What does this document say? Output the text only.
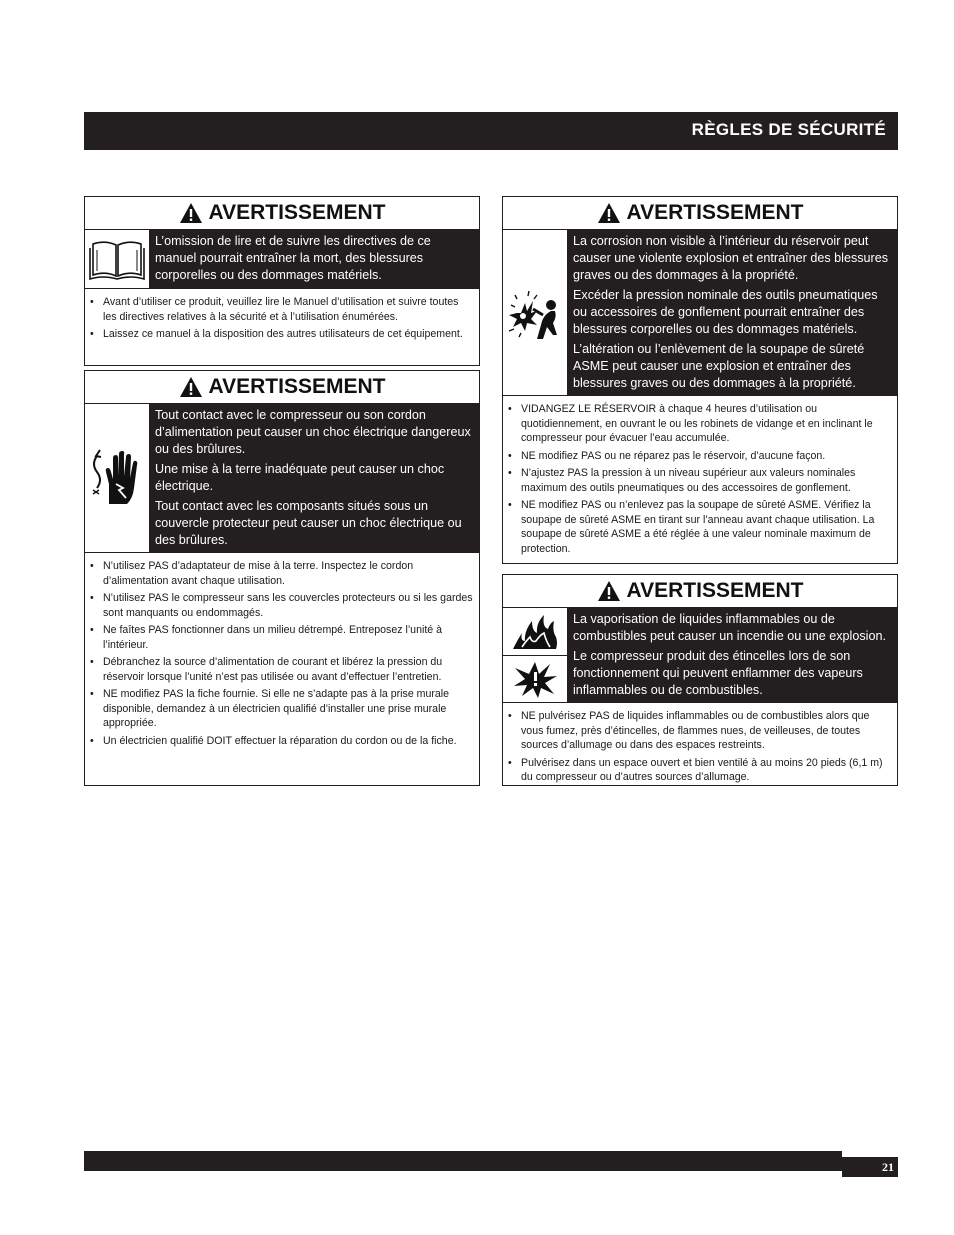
RÈGLES DE SÉCURITÉ
AVERTISSEMENT

L’omission de lire et de suivre les directives de ce manuel pourrait entraîner la mort, des blessures corporelles ou des dommages matériels.

• Avant d’utiliser ce produit, veuillez lire le Manuel d’utilisation et suivre toutes les directives relatives à la sécurité et à l’utilisation énumérées.
• Laissez ce manuel à la disposition des autres utilisateurs de cet équipement.
AVERTISSEMENT

Tout contact avec le compresseur ou son cordon d’alimentation peut causer un choc électrique dangereux ou des brûlures.

Une mise à la terre inadéquate peut causer un choc électrique.

Tout contact avec les composants situés sous un couvercle protecteur peut causer un choc électrique ou des brûlures.

• N’utilisez PAS d’adaptateur de mise à la terre. Inspectez le cordon d’alimentation avant chaque utilisation.
• N’utilisez PAS le compresseur sans les couvercles protecteurs ou si les gardes sont manquants ou endommagés.
• Ne faîtes PAS fonctionner dans un milieu détrempé. Entreposez l’unité à l’intérieur.
• Débranchez la source d’alimentation de courant et libérez la pression du réservoir lorsque l’unité n’est pas utilisée ou avant d’effectuer l’entretien.
• NE modifiez PAS la fiche fournie. Si elle ne s’adapte pas à la prise murale disponible, demandez à un électricien qualifié d’installer une prise murale appropriée.
• Un électricien qualifié DOIT effectuer la réparation du cordon ou de la fiche.
AVERTISSEMENT

La corrosion non visible à l’intérieur du réservoir peut causer une violente explosion et entraîner des blessures graves ou des dommages à la propriété.

Excéder la pression nominale des outils pneumatiques ou accessoires de gonflement pourrait entraîner des blessures corporelles ou des dommages matériels.

L’altération ou l’enlèvement de la soupape de sûreté ASME peut causer une explosion et entraîner des blessures graves ou des dommages à la propriété.

• VIDANGEZ LE RÉSERVOIR à chaque 4 heures d’utilisation ou quotidiennement, en ouvrant le ou les robinets de vidange et en inclinant le compresseur pour évacuer l’eau accumulée.
• NE modifiez PAS ou ne réparez pas le réservoir, d’aucune façon.
• N’ajustez PAS la pression à un niveau supérieur aux valeurs nominales maximum des outils pneumatiques ou des accessoires de gonflement.
• NE modifiez PAS ou n’enlevez pas la soupape de sûreté ASME. Vérifiez la soupape de sûreté ASME en tirant sur l’anneau avant chaque utilisation. La soupape de sûreté ASME a été réglée à une valeur nominale maximum de protection.
AVERTISSEMENT

La vaporisation de liquides inflammables ou de combustibles peut causer un incendie ou une explosion.

Le compresseur produit des étincelles lors de son fonctionnement qui peuvent enflammer des vapeurs inflammables ou de combustibles.

• NE pulvérisez PAS de liquides inflammables ou de combustibles alors que vous fumez, près d’étincelles, de flammes nues, de veilleuses, de toutes sources d’allumage ou dans des espaces restreints.
• Pulvérisez dans un espace ouvert et bien ventilé à au moins 20 pieds (6,1 m) du compresseur ou d’autres sources d’allumage.
21
